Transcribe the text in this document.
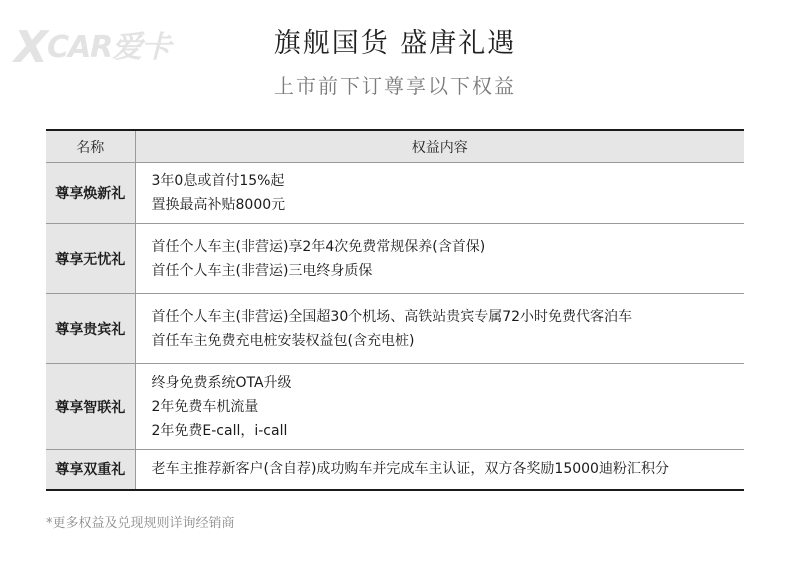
XCAR爱卡	旗舰国货 盛唐礼遇
上市前下订尊享以下权益
名称	权益内容
尊享焕新礼	3年0息或首付15%起
置换最高补贴8000元

尊享无忧礼	首任个人车主(非营运)享2年4次免费常规保养(含首保)
首任个人车主(非营运)三电终身质保

尊享贵宾礼	首任个人车主(非营运)全国超30个机场、高铁站贵宾专属72小时免费代客泊车
首任车主免费充电桩安装权益包(含充电桩)

尊享智联礼	终身免费系统OTA升级
2年免费车机流量
2年免费E-call，i-call

尊享双重礼	老车主推荐新客户(含自荐)成功购车并完成车主认证，双方各奖励15000迪粉汇积分
*更多权益及兑现规则详询经销商
